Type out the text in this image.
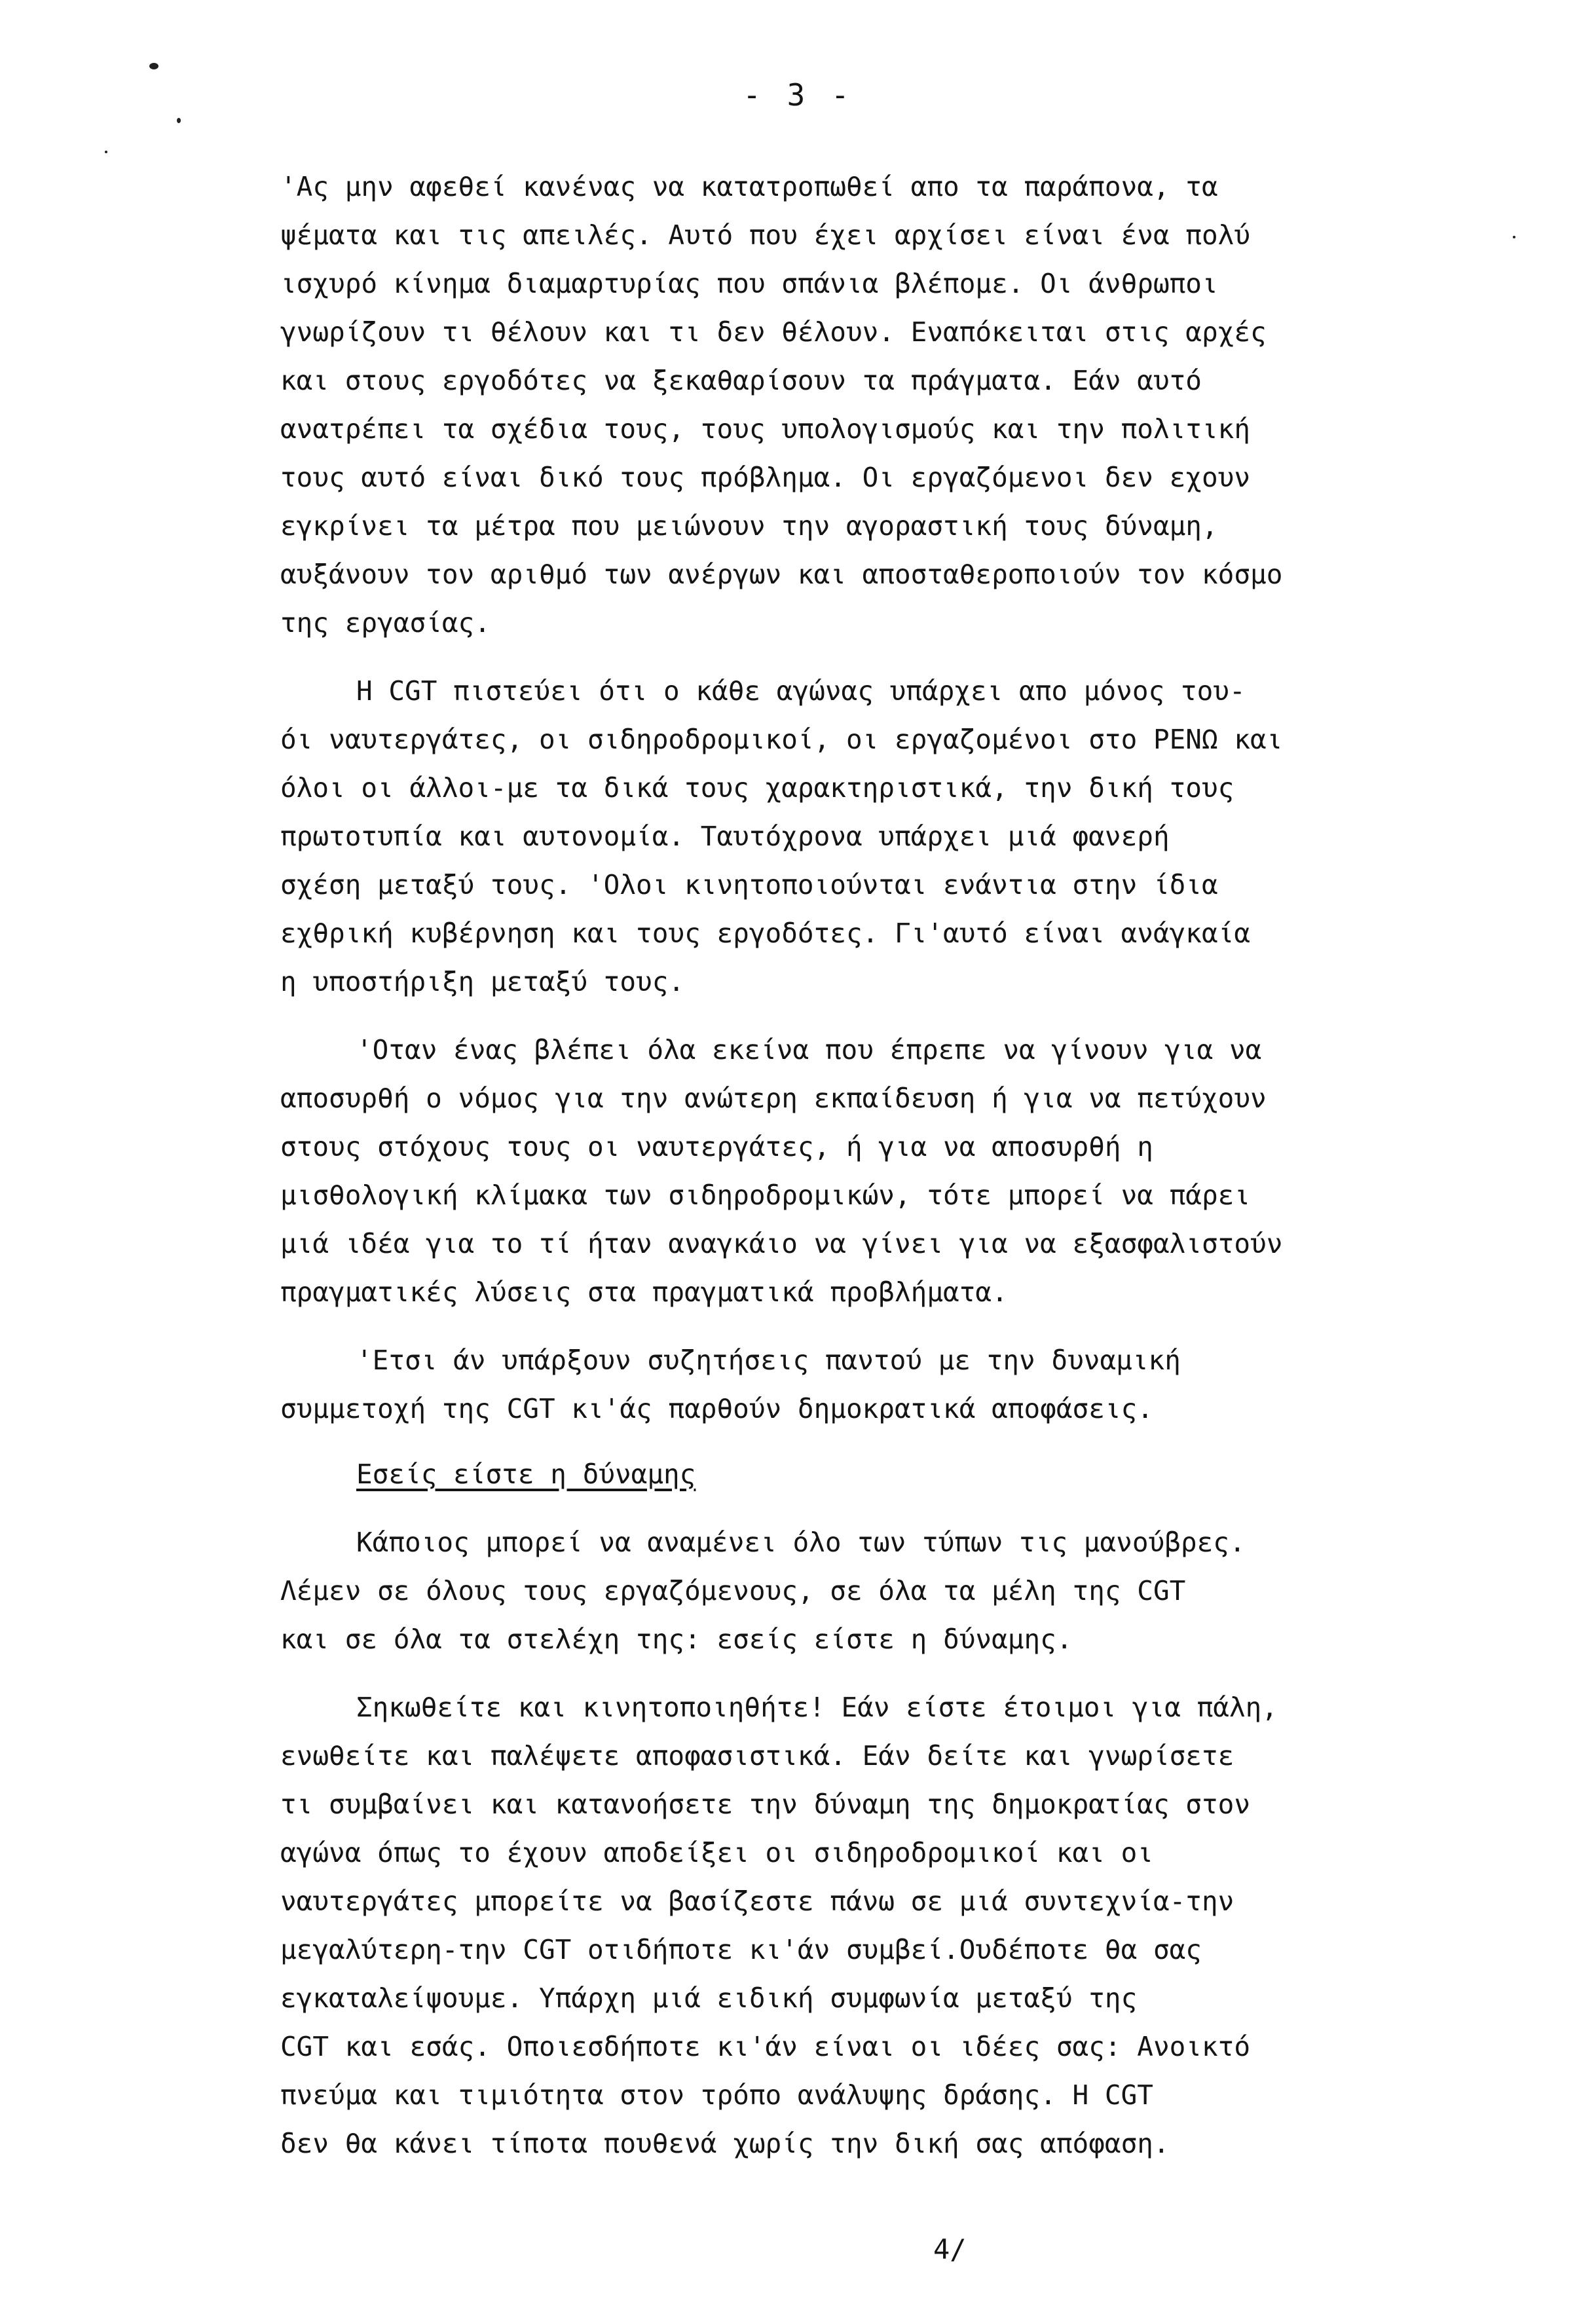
- 3 -

'Ας μην αφεθεί κανένας να κατατροπωθεί απο τα παράπονα, τα
ψέματα και τις απειλές. Αυτό που έχει αρχίσει είναι ένα πολύ
ισχυρό κίνημα διαμαρτυρίας που σπάνια βλέπομε. Οι άνθρωποι
γνωρίζουν τι θέλουν και τι δεν θέλουν. Εναπόκειται στις αρχές
και στους εργοδότες να ξεκαθαρίσουν τα πράγματα. Εάν αυτό
ανατρέπει τα σχέδια τους, τους υπολογισμούς και την πολιτική
τους αυτό είναι δικό τους πρόβλημα. Οι εργαζόμενοι δεν εχουν
εγκρίνει τα μέτρα που μειώνουν την αγοραστική τους δύναμη,
αυξάνουν τον αριθμό των ανέργων και αποσταθεροποιούν τον κόσμο
της εργασίας.

Η CGT πιστεύει ότι ο κάθε αγώνας υπάρχει απο μόνος του-
όι ναυτεργάτες, οι σιδηροδρομικοί, οι εργαζομένοι στο ΡΕΝΩ και
όλοι οι άλλοι-με τα δικά τους χαρακτηριστικά, την δική τους
πρωτοτυπία και αυτονομία. Ταυτόχρονα υπάρχει μιά φανερή
σχέση μεταξύ τους. 'Ολοι κινητοποιούνται ενάντια στην ίδια
εχθρική κυβέρνηση και τους εργοδότες. Γι'αυτό είναι ανάγκαία
η υποστήριξη μεταξύ τους.

'Οταν ένας βλέπει όλα εκείνα που έπρεπε να γίνουν για να
αποσυρθή ο νόμος για την ανώτερη εκπαίδευση ή για να πετύχουν
στους στόχους τους οι ναυτεργάτες, ή για να αποσυρθή η
μισθολογική κλίμακα των σιδηροδρομικών, τότε μπορεί να πάρει
μιά ιδέα για το τί ήταν αναγκάιο να γίνει για να εξασφαλιστούν
πραγματικές λύσεις στα πραγματικά προβλήματα.

'Ετσι άν υπάρξουν συζητήσεις παντού με την δυναμική
συμμετοχή της CGT κι'άς παρθούν δημοκρατικά αποφάσεις.

Εσείς είστε η δύναμης

Κάποιος μπορεί να αναμένει όλο των τύπων τις μανούβρες.
Λέμεν σε όλους τους εργαζόμενους, σε όλα τα μέλη της CGT
και σε όλα τα στελέχη της: εσείς είστε η δύναμης.

Σηκωθείτε και κινητοποιηθήτε! Εάν είστε έτοιμοι για πάλη,
ενωθείτε και παλέψετε αποφασιστικά. Εάν δείτε και γνωρίσετε
τι συμβαίνει και κατανοήσετε την δύναμη της δημοκρατίας στον
αγώνα όπως το έχουν αποδείξει οι σιδηροδρομικοί και οι
ναυτεργάτες μπορείτε να βασίζεστε πάνω σε μιά συντεχνία-την
μεγαλύτερη-την CGT οτιδήποτε κι'άν συμβεί.Ουδέποτε θα σας
εγκαταλείψουμε. Υπάρχη μιά ειδική συμφωνία μεταξύ της
CGT και εσάς. Οποιεσδήποτε κι'άν είναι οι ιδέες σας: Ανοικτό
πνεύμα και τιμιότητα στον τρόπο ανάλυψης δράσης. Η CGT
δεν θα κάνει τίποτα πουθενά χωρίς την δική σας απόφαση.

4/
